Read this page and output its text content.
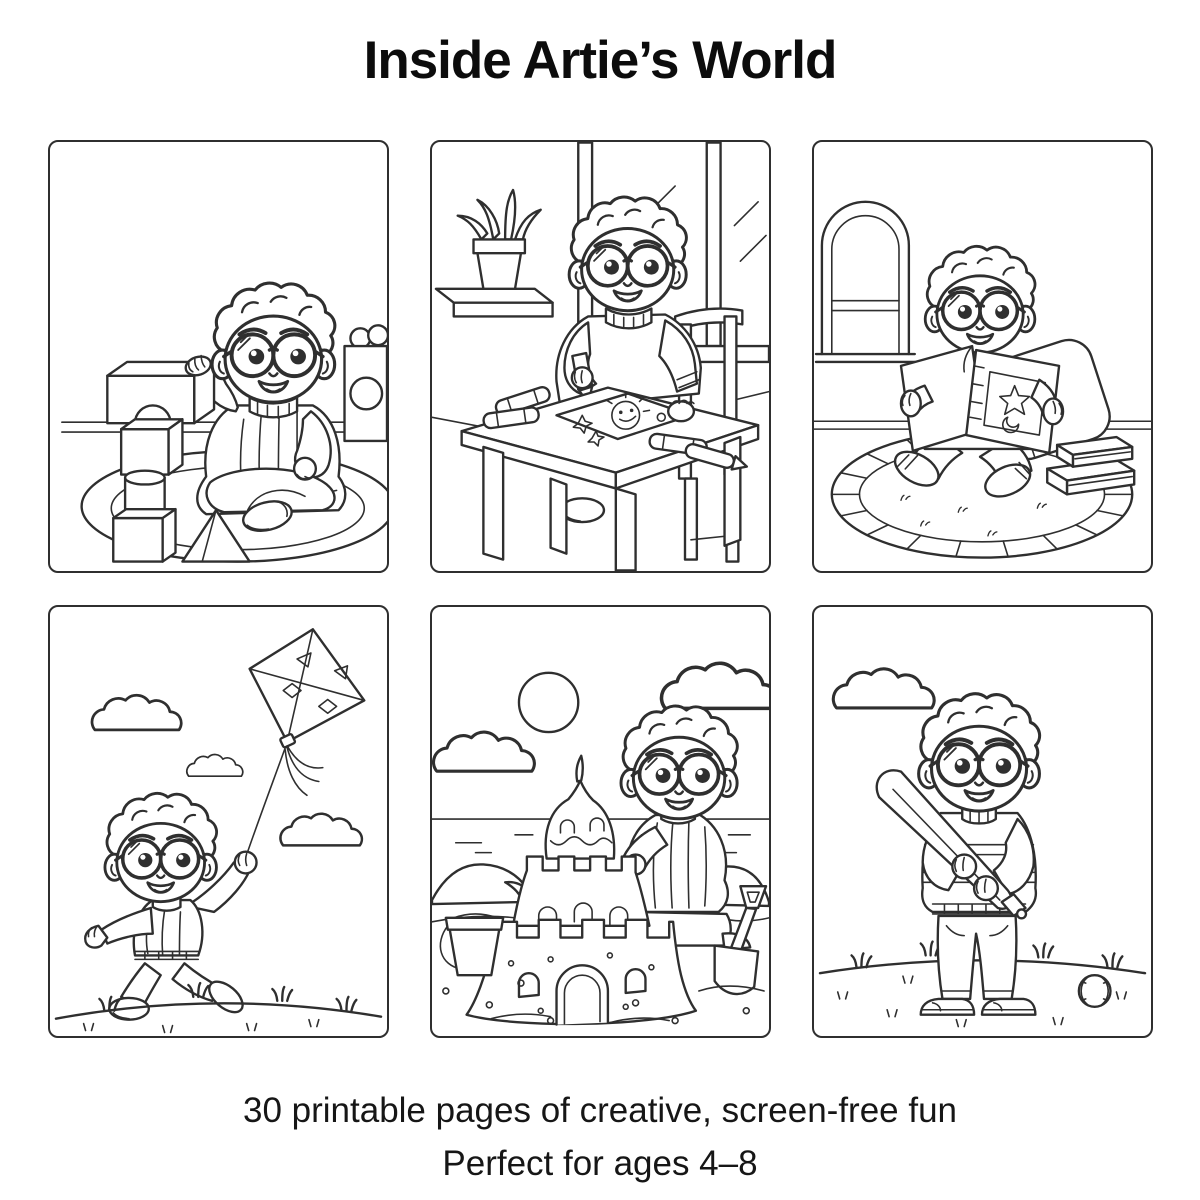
Inside Artie’s World

30 printable pages of creative, screen-free fun

Perfect for ages 4–8
